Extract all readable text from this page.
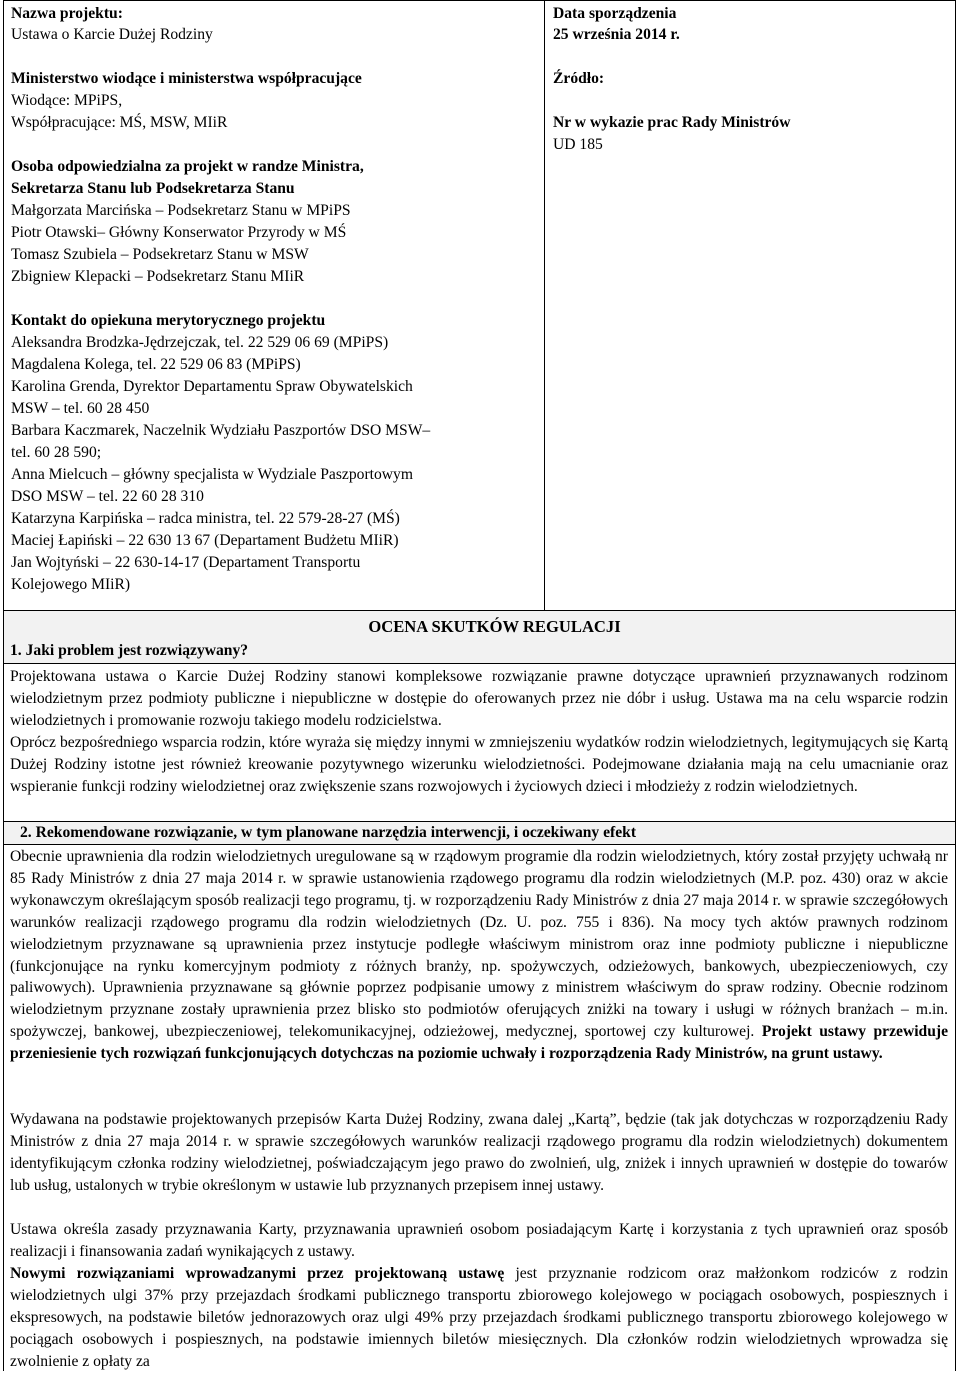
Nazwa projektu:
Ustawa o Karcie Dużej Rodziny
Ministerstwo wiodące i ministerstwa współpracujące
Wiodące: MPiPS,
Współpracujące: MŚ, MSW, MIiR
Osoba odpowiedzialna za projekt w randze Ministra,
Sekretarza Stanu lub Podsekretarza Stanu
Małgorzata Marcińska – Podsekretarz Stanu w MPiPS
Piotr Otawski– Główny Konserwator Przyrody w MŚ
Tomasz Szubiela – Podsekretarz Stanu w MSW
Zbigniew Klepacki – Podsekretarz Stanu MIiR
Kontakt do opiekuna merytorycznego projektu
Aleksandra Brodzka-Jędrzejczak, tel. 22 529 06 69 (MPiPS)
Magdalena Kolega, tel. 22 529 06 83 (MPiPS)
Karolina Grenda, Dyrektor Departamentu Spraw Obywatelskich
MSW – tel. 60 28 450
Barbara Kaczmarek, Naczelnik Wydziału Paszportów DSO MSW–
tel. 60 28 590;
Anna Mielcuch – główny specjalista w Wydziale Paszportowym
DSO MSW – tel. 22 60 28 310
Katarzyna Karpińska – radca ministra, tel. 22 579-28-27 (MŚ)
Maciej Łapiński – 22 630 13 67 (Departament Budżetu MIiR)
Jan Wojtyński – 22 630-14-17 (Departament Transportu
Kolejowego MIiR)
Data sporządzenia
25 września 2014 r.
Źródło:
Nr w wykazie prac Rady Ministrów
UD 185
OCENA SKUTKÓW REGULACJI
1. Jaki problem jest rozwiązywany?

Projektowana ustawa o Karcie Dużej Rodziny stanowi kompleksowe rozwiązanie prawne dotyczące uprawnień przyznawanych rodzinom wielodzietnym przez podmioty publiczne i niepubliczne w dostępie do oferowanych przez nie dóbr i usług. Ustawa ma na celu wsparcie rodzin wielodzietnych i promowanie rozwoju takiego modelu rodzicielstwa.

Oprócz bezpośredniego wsparcia rodzin, które wyraża się między innymi w zmniejszeniu wydatków rodzin wielodzietnych, legitymujących się Kartą Dużej Rodziny istotne jest również kreowanie pozytywnego wizerunku wielodzietności. Podejmowane działania mają na celu umacnianie oraz wspieranie funkcji rodziny wielodzietnej oraz zwiększenie szans rozwojowych i życiowych dzieci i młodzieży z rodzin wielodzietnych.

2. Rekomendowane rozwiązanie, w tym planowane narzędzia interwencji, i oczekiwany efekt

Obecnie uprawnienia dla rodzin wielodzietnych uregulowane są w rządowym programie dla rodzin wielodzietnych, który został przyjęty uchwałą nr 85 Rady Ministrów z dnia 27 maja 2014 r. w sprawie ustanowienia rządowego programu dla rodzin wielodzietnych (M.P. poz. 430) oraz w akcie wykonawczym określającym sposób realizacji tego programu, tj. w rozporządzeniu Rady Ministrów z dnia 27 maja 2014 r. w sprawie szczegółowych warunków realizacji rządowego programu dla rodzin wielodzietnych (Dz. U. poz. 755 i 836). Na mocy tych aktów prawnych rodzinom wielodzietnym przyznawane są uprawnienia przez instytucje podległe właściwym ministrom oraz inne podmioty publiczne i niepubliczne (funkcjonujące na rynku komercyjnym podmioty z różnych branży, np. spożywczych, odzieżowych, bankowych, ubezpieczeniowych, czy paliwowych). Uprawnienia przyznawane są głównie poprzez podpisanie umowy z ministrem właściwym do spraw rodziny. Obecnie rodzinom wielodzietnym przyznane zostały uprawnienia przez blisko sto podmiotów oferujących zniżki na towary i usługi w różnych branżach – m.in. spożywczej, bankowej, ubezpieczeniowej, telekomunikacyjnej, odzieżowej, medycznej, sportowej czy kulturowej. Projekt ustawy przewiduje przeniesienie tych rozwiązań funkcjonujących dotychczas na poziomie uchwały i rozporządzenia Rady Ministrów, na grunt ustawy.

Wydawana na podstawie projektowanych przepisów Karta Dużej Rodziny, zwana dalej „Kartą”, będzie (tak jak dotychczas w rozporządzeniu Rady Ministrów z dnia 27 maja 2014 r. w sprawie szczegółowych warunków realizacji rządowego programu dla rodzin wielodzietnych) dokumentem identyfikującym członka rodziny wielodzietnej, poświadczającym jego prawo do zwolnień, ulg, zniżek i innych uprawnień w dostępie do towarów lub usług, ustalonych w trybie określonym w ustawie lub przyznanych przepisem innej ustawy.

Ustawa określa zasady przyznawania Karty, przyznawania uprawnień osobom posiadającym Kartę i korzystania z tych uprawnień oraz sposób realizacji i finansowania zadań wynikających z ustawy.

Nowymi rozwiązaniami wprowadzanymi przez projektowaną ustawę jest przyznanie rodzicom oraz małżonkom rodziców z rodzin wielodzietnych ulgi 37% przy przejazdach środkami publicznego transportu zbiorowego kolejowego w pociągach osobowych, pospiesznych i ekspresowych, na podstawie biletów jednorazowych oraz ulgi 49% przy przejazdach środkami publicznego transportu zbiorowego kolejowego w pociągach osobowych i pospiesznych, na podstawie imiennych biletów miesięcznych. Dla członków rodzin wielodzietnych wprowadza się zwolnienie z opłaty za
